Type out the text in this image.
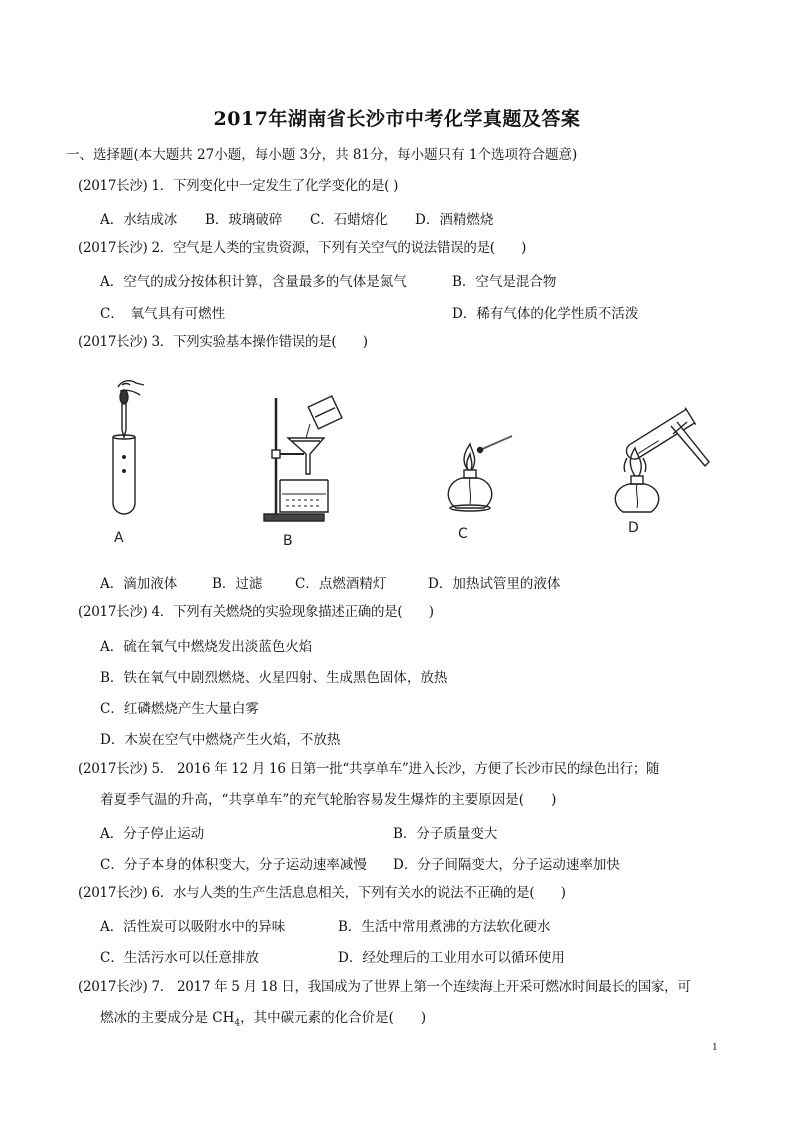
2017年湖南省长沙市中考化学真题及答案
一、选择题(本大题共 27小题，每小题 3分，共 81分，每小题只有 1个选项符合题意)
(2017长沙) 1．下列变化中一定发生了化学变化的是( )
A．水结成冰 B．玻璃破碎 C．石蜡熔化 D．酒精燃烧
(2017长沙) 2．空气是人类的宝贵资源，下列有关空气的说法错误的是(　　)
A．空气的成分按体积计算，含量最多的气体是氮气	B．空气是混合物
C．　氧气具有可燃性	D．稀有气体的化学性质不活泼
(2017长沙) 3．下列实验基本操作错误的是(　　)
A	B	C	D
A．滴加液体	B．过滤 C．点燃酒精灯	D．加热试管里的液体
(2017长沙) 4．下列有关燃烧的实验现象描述正确的是(　　)
A．硫在氧气中燃烧发出淡蓝色火焰
B．铁在氧气中剧烈燃烧、火星四射、生成黑色固体，放热
C．红磷燃烧产生大量白雾
D．木炭在空气中燃烧产生火焰，不放热
(2017长沙) 5． 2016 年 12 月 16 日第一批“共享单车”进入长沙，方便了长沙市民的绿色出行；随
着夏季气温的升高，“共享单车”的充气轮胎容易发生爆炸的主要原因是(　　)
A．分子停止运动	B．分子质量变大
C．分子本身的体积变大，分子运动速率减慢 D．分子间隔变大，分子运动速率加快
(2017长沙) 6．水与人类的生产生活息息相关，下列有关水的说法不正确的是(　　)
A．活性炭可以吸附水中的异味	B．生活中常用煮沸的方法软化硬水
C．生活污水可以任意排放	D．经处理后的工业用水可以循环使用
(2017长沙) 7． 2017 年 5 月 18 日，我国成为了世界上第一个连续海上开采可燃冰时间最长的国家，可
燃冰的主要成分是 $CH_4$，其中碳元素的化合价是(　　)
1
